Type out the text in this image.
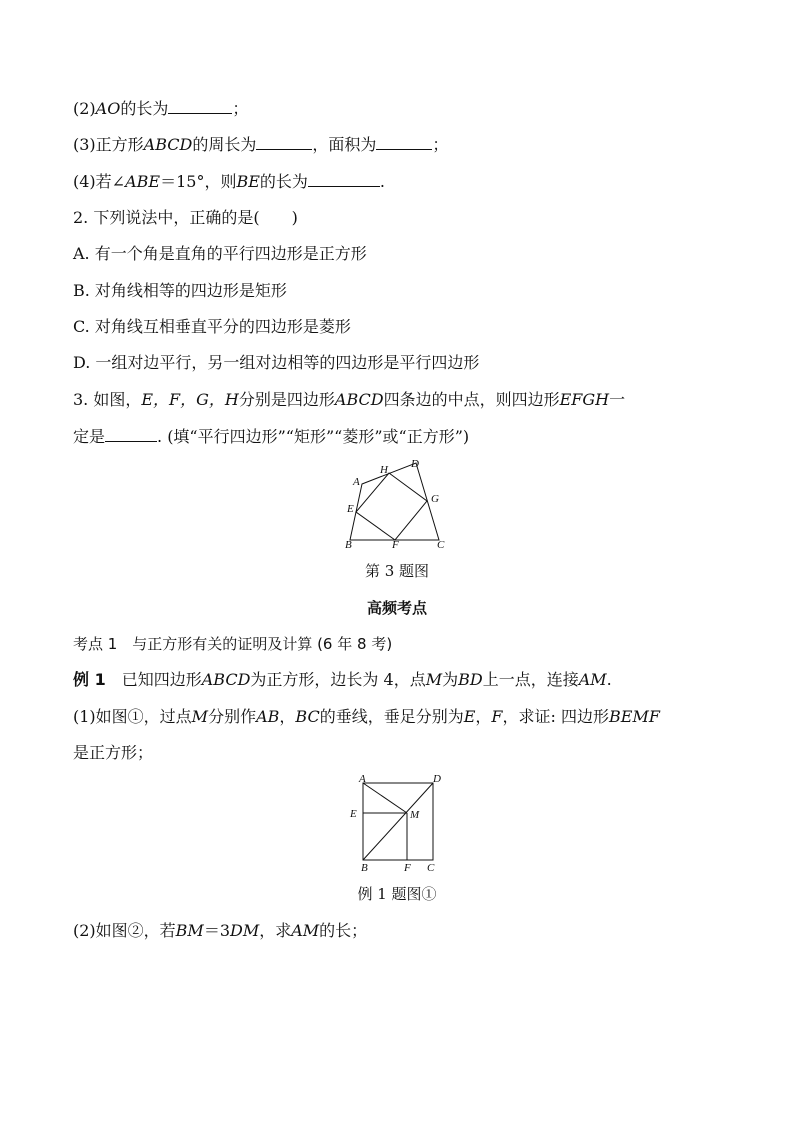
(2)AO的长为	；
(3)正方形ABCD的周长为	，面积为	；
(4)若∠ABE＝15°，则BE的长为	.
2. 下列说法中，正确的是(　　)
A. 有一个角是直角的平行四边形是正方形
B. 对角线相等的四边形是矩形
C. 对角线互相垂直平分的四边形是菱形
D. 一组对边平行，另一组对边相等的四边形是平行四边形
3. 如图，E，F，G，H分别是四边形ABCD四条边的中点，则四边形EFGH一
定是	. (填“平行四边形”“矩形”“菱形”或“正方形”)
A
H D
G
E
B	F	C
第 3 题图
高频考点
考点 1　与正方形有关的证明及计算 (6 年 8 考)
例 1　已知四边形ABCD为正方形，边长为 4，点M为BD上一点，连接AM.
(1)如图①，过点M分别作AB，BC的垂线，垂足分别为E，F，求证: 四边形BEMF
是正方形；
A	D
E	M
B	F C
例 1 题图①
(2)如图②，若BM＝3DM，求AM的长；
